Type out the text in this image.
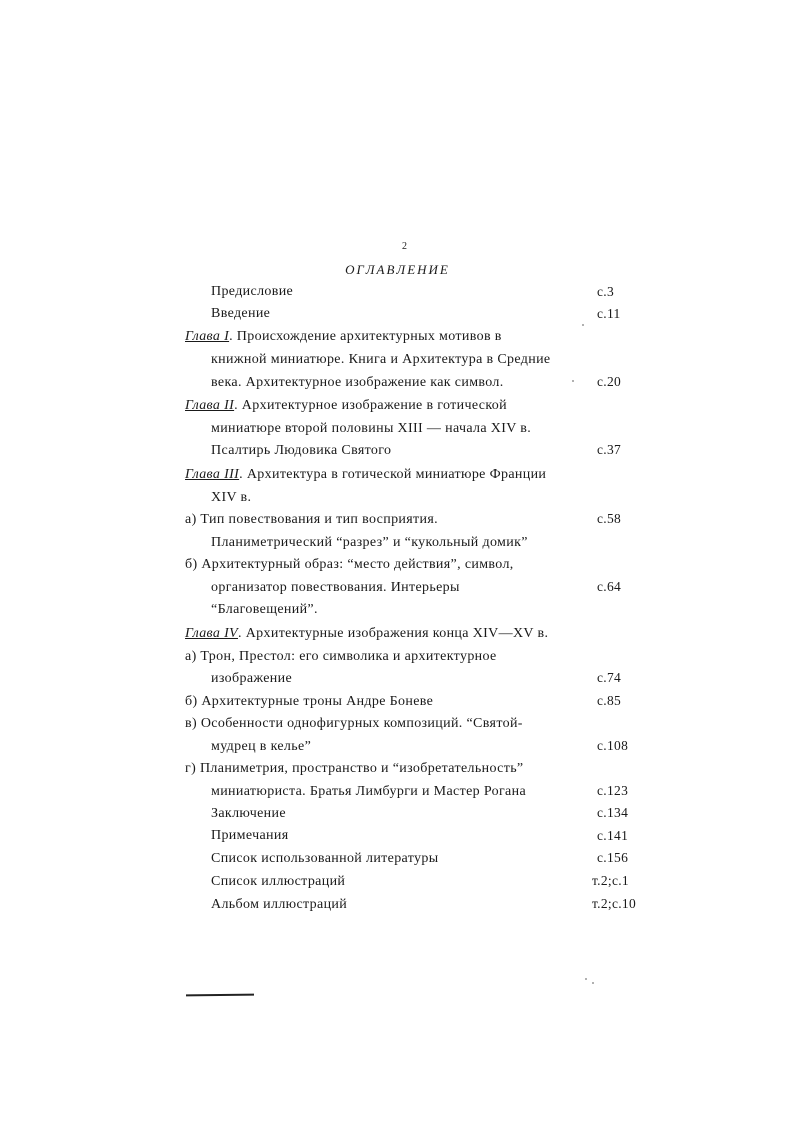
2
ОГЛАВЛЕНИЕ
Предисловие	с.3
Введение	с.11
Глава I. Происхождение архитектурных мотивов в
книжной миниатюре. Книга и Архитектура в Средние
века. Архитектурное изображение как символ.	с.20
Глава II. Архитектурное изображение в готической
миниатюре второй половины XIII — начала XIV в.
Псалтирь Людовика Святого	с.37
Глава III. Архитектура в готической миниатюре Франции
XIV в.
а) Тип повествования и тип восприятия.	с.58
Планиметрический “разрез” и “кукольный домик”
б) Архитектурный образ: “место действия”, символ,
организатор повествования. Интерьеры	с.64
“Благовещений”.
Глава IV. Архитектурные изображения конца XIV—XV в.
а) Трон, Престол: его символика и архитектурное
изображение	с.74
б) Архитектурные троны Андре Боневе	с.85
в) Особенности однофигурных композиций. “Святой-
мудрец в келье”	с.108
г) Планиметрия, пространство и “изобретательность”
миниатюриста. Братья Лимбурги и Мастер Рогана	с.123
Заключение	с.134
Примечания	с.141
Список использованной литературы	с.156
Список иллюстраций	т.2;с.1
Альбом иллюстраций	т.2;с.10
